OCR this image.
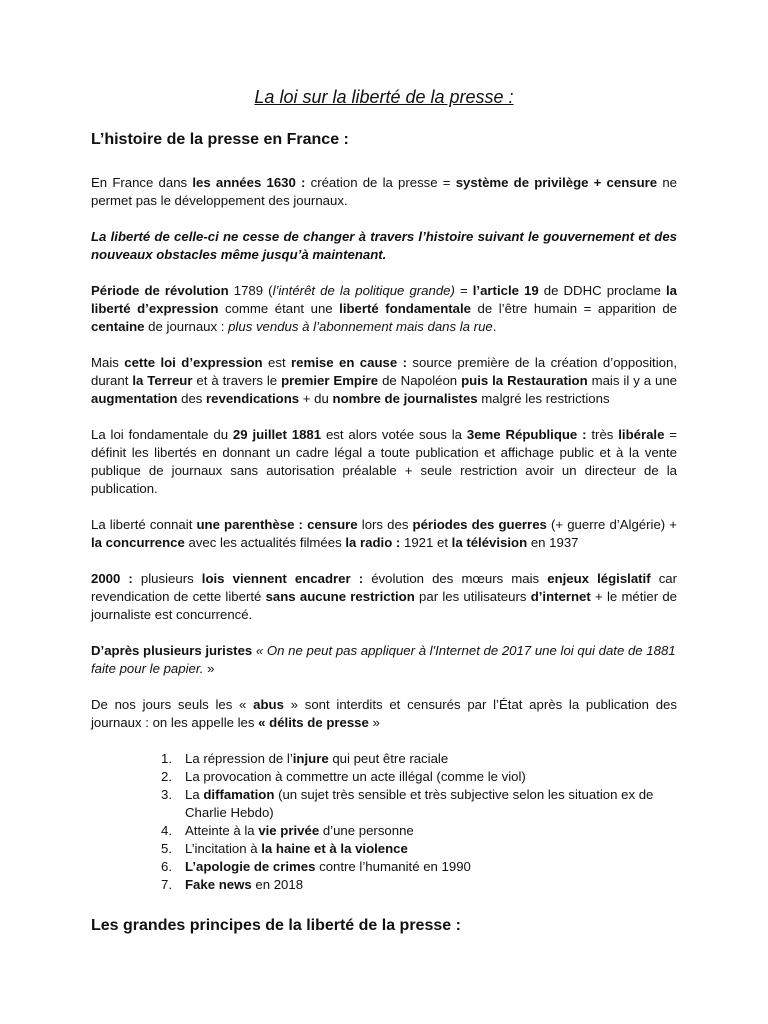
La loi sur la liberté de la presse :
L’histoire de la presse en France :

En France dans les années 1630 : création de la presse = système de privilège + censure ne permet pas le développement des journaux.

La liberté de celle-ci ne cesse de changer à travers l’histoire suivant le gouvernement et des nouveaux obstacles même jusqu’à maintenant.

Période de révolution 1789 (l’intérêt de la politique grande) = l’article 19 de DDHC proclame la liberté d’expression comme étant une liberté fondamentale de l’être humain = apparition de centaine de journaux : plus vendus à l’abonnement mais dans la rue.

Mais cette loi d’expression est remise en cause : source première de la création d’opposition, durant la Terreur et à travers le premier Empire de Napoléon puis la Restauration mais il y a une augmentation des revendications + du nombre de journalistes malgré les restrictions

La loi fondamentale du 29 juillet 1881 est alors votée sous la 3eme République : très libérale = définit les libertés en donnant un cadre légal a toute publication et affichage public et à la vente publique de journaux sans autorisation préalable + seule restriction avoir un directeur de la publication.

La liberté connait une parenthèse : censure lors des périodes des guerres (+ guerre d’Algérie) + la concurrence avec les actualités filmées la radio : 1921 et la télévision en 1937

2000 : plusieurs lois viennent encadrer : évolution des mœurs mais enjeux législatif car revendication de cette liberté sans aucune restriction par les utilisateurs d’internet + le métier de journaliste est concurrencé.

D’après plusieurs juristes « On ne peut pas appliquer à l'Internet de 2017 une loi qui date de 1881 faite pour le papier. »

De nos jours seuls les « abus » sont interdits et censurés par l’État après la publication des journaux : on les appelle les « délits de presse »

1. La répression de l’injure qui peut être raciale
2. La provocation à commettre un acte illégal (comme le viol)
3. La diffamation (un sujet très sensible et très subjective selon les situation ex de Charlie Hebdo)
4. Atteinte à la vie privée d’une personne
5. L’incitation à la haine et à la violence
6. L’apologie de crimes contre l’humanité en 1990
7. Fake news en 2018
Les grandes principes de la liberté de la presse :
